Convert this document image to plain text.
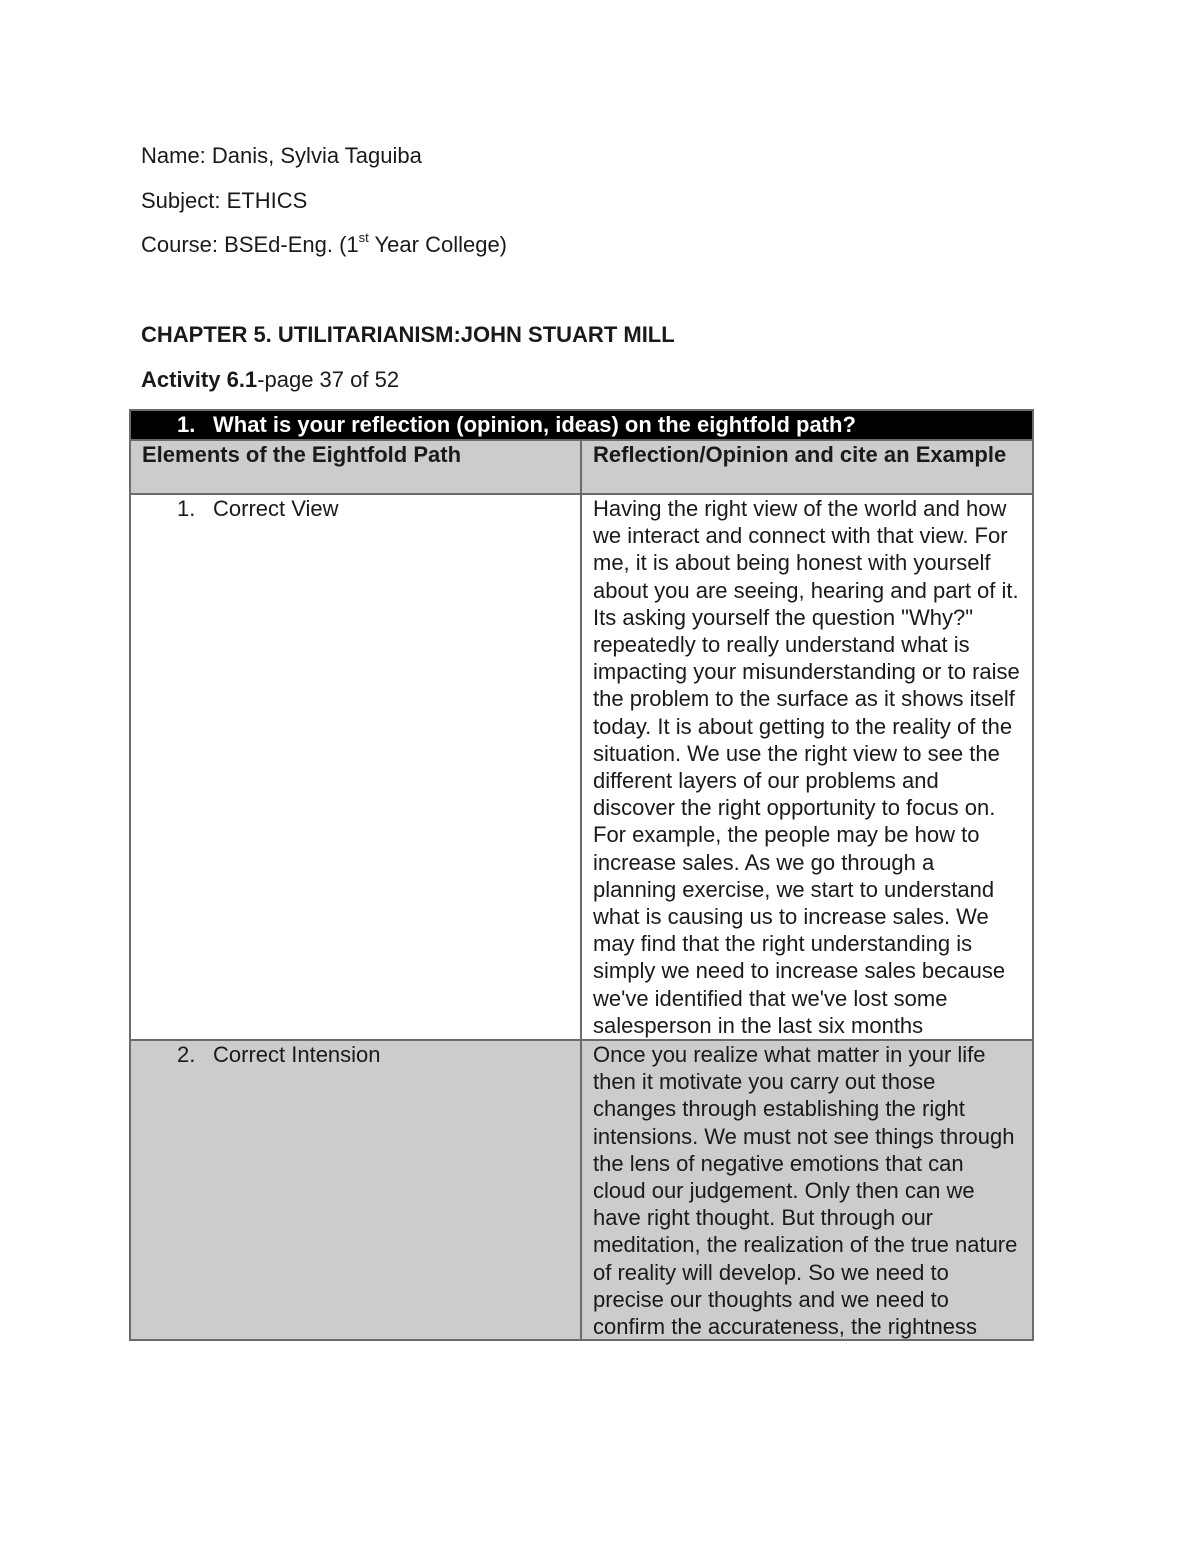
Name: Danis, Sylvia Taguiba
Subject: ETHICS
Course: BSEd-Eng. (1st Year College)
CHAPTER 5. UTILITARIANISM:JOHN STUART MILL
Activity 6.1-page 37 of 52
1. What is your reflection (opinion, ideas) on the eightfold path?	
Elements of the Eightfold Path	Reflection/Opinion and cite an Example
1. Correct View	Having the right view of the world and how we interact and connect with that view. For me, it is about being honest with yourself about you are seeing, hearing and part of it. Its asking yourself the question "Why?" repeatedly to really understand what is impacting your misunderstanding or to raise the problem to the surface as it shows itself today. It is about getting to the reality of the situation. We use the right view to see the different layers of our problems and discover the right opportunity to focus on. For example, the people may be how to increase sales. As we go through a planning exercise, we start to understand what is causing us to increase sales. We may find that the right understanding is simply we need to increase sales because we've identified that we've lost some salesperson in the last six months

2. Correct Intension	Once you realize what matter in your life then it motivate you carry out those changes through establishing the right intensions. We must not see things through the lens of negative emotions that can cloud our judgement. Only then can we have right thought. But through our meditation, the realization of the true nature of reality will develop. So we need to precise our thoughts and we need to confirm the accurateness, the rightness
